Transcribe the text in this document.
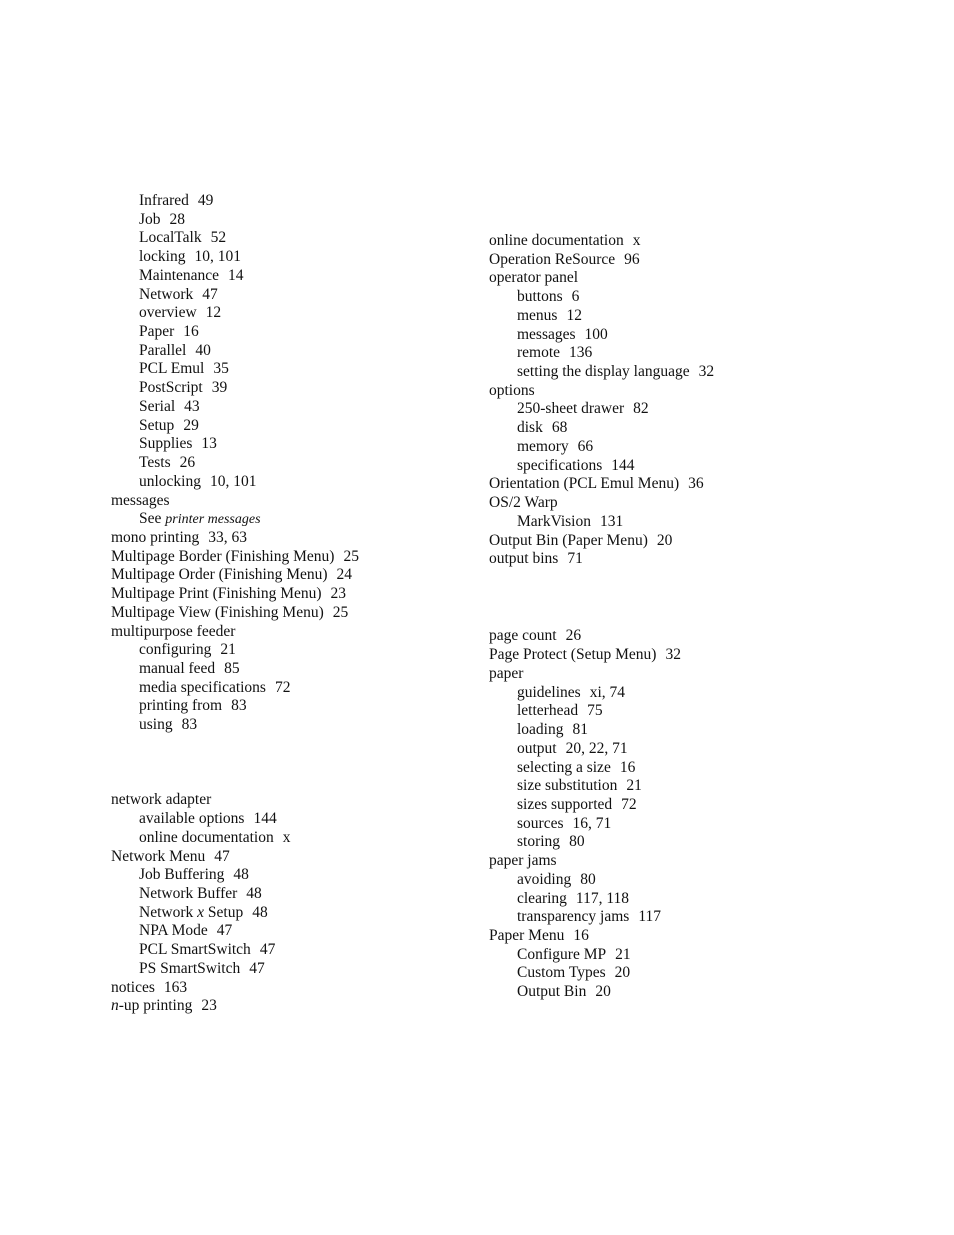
Infrared 49
Job 28
LocalTalk 52
locking 10, 101
Maintenance 14
Network 47
overview 12
Paper 16
Parallel 40
PCL Emul 35
PostScript 39
Serial 43
Setup 29
Supplies 13
Tests 26
unlocking 10, 101
messages
See printer messages
mono printing 33, 63
Multipage Border (Finishing Menu) 25
Multipage Order (Finishing Menu) 24
Multipage Print (Finishing Menu) 23
Multipage View (Finishing Menu) 25
multipurpose feeder
configuring 21
manual feed 85
media specifications 72
printing from 83
using 83
network adapter
available options 144
online documentation x
Network Menu 47
Job Buffering 48
Network Buffer 48
Network x Setup 48
NPA Mode 47
PCL SmartSwitch 47
PS SmartSwitch 47
notices 163
n-up printing 23
online documentation x
Operation ReSource 96
operator panel
buttons 6
menus 12
messages 100
remote 136
setting the display language 32
options
250-sheet drawer 82
disk 68
memory 66
specifications 144
Orientation (PCL Emul Menu) 36
OS/2 Warp
MarkVision 131
Output Bin (Paper Menu) 20
output bins 71
page count 26
Page Protect (Setup Menu) 32
paper
guidelines xi, 74
letterhead 75
loading 81
output 20, 22, 71
selecting a size 16
size substitution 21
sizes supported 72
sources 16, 71
storing 80
paper jams
avoiding 80
clearing 117, 118
transparency jams 117
Paper Menu 16
Configure MP 21
Custom Types 20
Output Bin 20
